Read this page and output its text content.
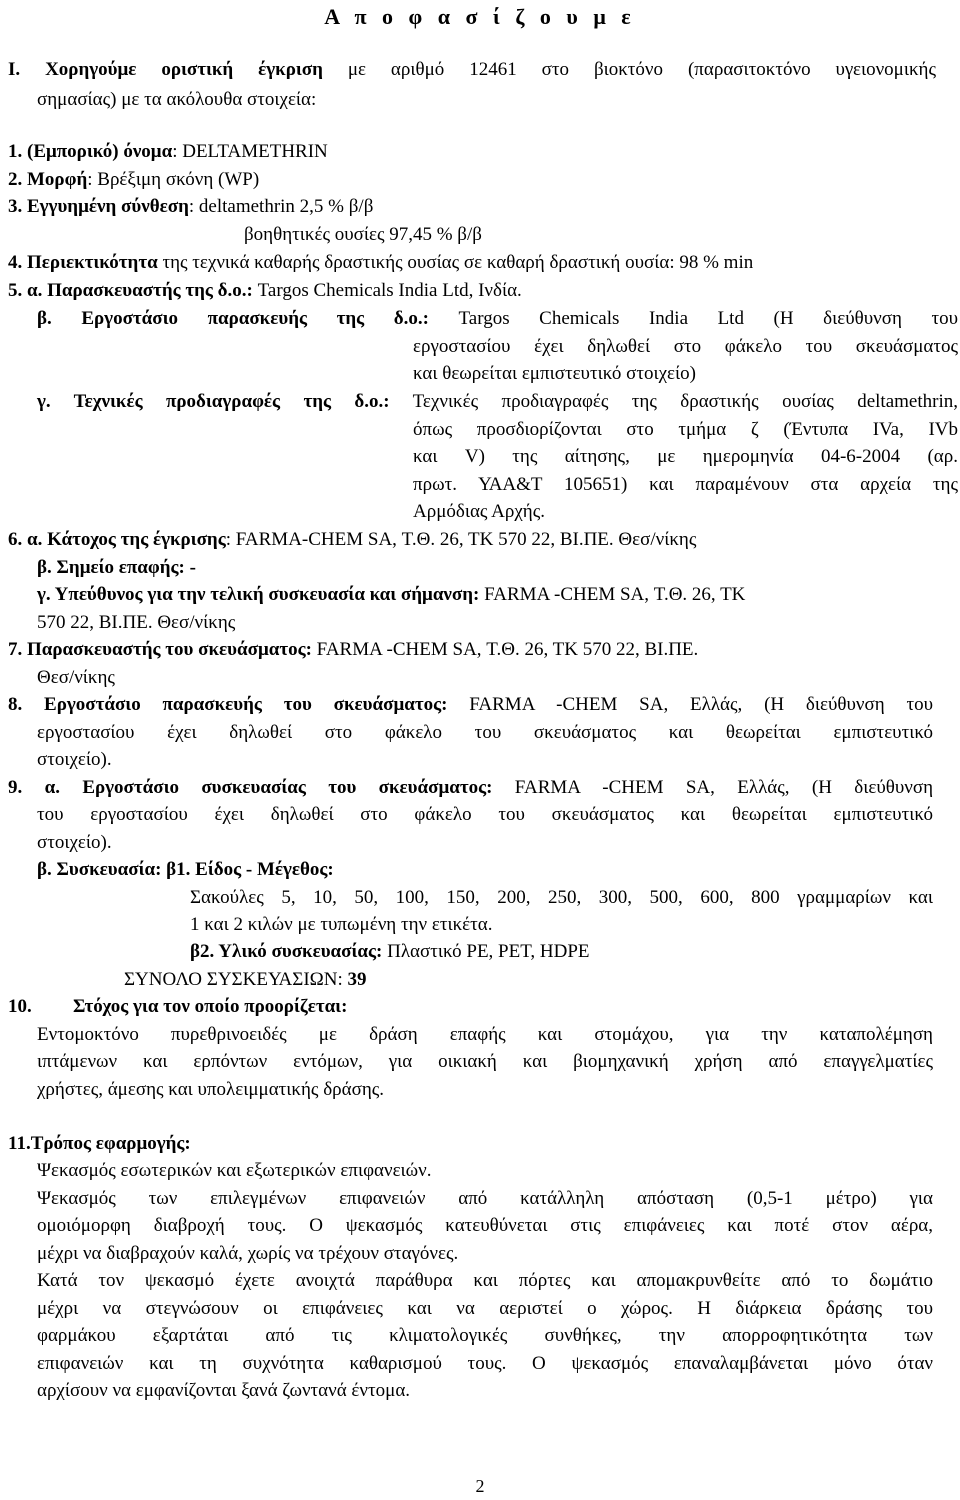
Α π ο φ α σ ί ζ ο υ μ ε
Ι. Χορηγούμε οριστική έγκριση με αριθμό 12461 στο βιοκτόνο (παρασιτοκτόνο υγειονομικής
σημασίας) με τα ακόλουθα στοιχεία:
1. (Εμπορικό) όνομα: DELTAMETHRIN
2. Μορφή: Βρέξιμη σκόνη (WP)
3. Εγγυημένη σύνθεση: deltamethrin 2,5 % β/β
βοηθητικές ουσίες 97,45 % β/β
4. Περιεκτικότητα της τεχνικά καθαρής δραστικής ουσίας σε καθαρή δραστική ουσία: 98 % min
5. α. Παρασκευαστής της δ.ο.: Targos Chemicals India Ltd, Ινδία.
β. Εργοστάσιο παρασκευής της δ.ο.: Targos Chemicals India Ltd (Η διεύθυνση του
εργοστασίου έχει δηλωθεί στο φάκελο του σκευάσματος
και θεωρείται εμπιστευτικό στοιχείο)
γ. Τεχνικές προδιαγραφές της δ.ο.: Τεχνικές προδιαγραφές της δραστικής ουσίας deltamethrin,
όπως προσδιορίζονται στο τμήμα ζ (Έντυπα IVa, IVb
και V) της αίτησης, με ημερομηνία 04-6-2004 (αρ.
πρωτ. ΥΑΑ&Τ 105651) και παραμένουν στα αρχεία της
Αρμόδιας Αρχής.
6. α. Κάτοχος της έγκρισης: FARMA-CHEM SA, Τ.Θ. 26, ΤΚ 570 22, ΒΙ.ΠΕ. Θεσ/νίκης
β. Σημείο επαφής: -
γ. Υπεύθυνος για την τελική συσκευασία και σήμανση: FARMA -CHEM SA, Τ.Θ. 26, ΤΚ
570 22, ΒΙ.ΠΕ. Θεσ/νίκης
7. Παρασκευαστής του σκευάσματος: FARMA -CHEM SA, Τ.Θ. 26, ΤΚ 570 22, ΒΙ.ΠΕ.
Θεσ/νίκης
8. Εργοστάσιο παρασκευής του σκευάσματος: FARMA -CHEM SA, Ελλάς, (Η διεύθυνση του
εργοστασίου έχει δηλωθεί στο φάκελο του σκευάσματος και θεωρείται εμπιστευτικό
στοιχείο).
9. α. Εργοστάσιο συσκευασίας του σκευάσματος: FARMA -CHEM SA, Ελλάς, (Η διεύθυνση
του εργοστασίου έχει δηλωθεί στο φάκελο του σκευάσματος και θεωρείται εμπιστευτικό
στοιχείο).
β. Συσκευασία: β1. Είδος - Μέγεθος:
Σακούλες 5, 10, 50, 100, 150, 200, 250, 300, 500, 600, 800 γραμμαρίων και
1 και 2 κιλών με τυπωμένη την ετικέτα.
β2. Υλικό συσκευασίας: Πλαστικό PE, PET, HDPE
ΣΥΝΟΛΟ ΣΥΣΚΕΥΑΣΙΩΝ: 39
10. Στόχος για τον οποίο προορίζεται:
Εντομοκτόνο πυρεθρινοειδές με δράση επαφής και στομάχου, για την καταπολέμηση
ιπτάμενων και ερπόντων εντόμων, για οικιακή και βιομηχανική χρήση από επαγγελματίες
χρήστες, άμεσης και υπολειμματικής δράσης.
11.Τρόπος εφαρμογής:
Ψεκασμός εσωτερικών και εξωτερικών επιφανειών.
Ψεκασμός των επιλεγμένων επιφανειών από κατάλληλη απόσταση (0,5-1 μέτρο) για
ομοιόμορφη διαβροχή τους. Ο ψεκασμός κατευθύνεται στις επιφάνειες και ποτέ στον αέρα,
μέχρι να διαβραχούν καλά, χωρίς να τρέχουν σταγόνες.
Κατά τον ψεκασμό έχετε ανοιχτά παράθυρα και πόρτες και απομακρυνθείτε από το δωμάτιο
μέχρι να στεγνώσουν οι επιφάνειες και να αεριστεί ο χώρος. Η διάρκεια δράσης του
φαρμάκου εξαρτάται από τις κλιματολογικές συνθήκες, την απορροφητικότητα των
επιφανειών και τη συχνότητα καθαρισμού τους. Ο ψεκασμός επαναλαμβάνεται μόνο όταν
αρχίσουν να εμφανίζονται ξανά ζωντανά έντομα.
2
